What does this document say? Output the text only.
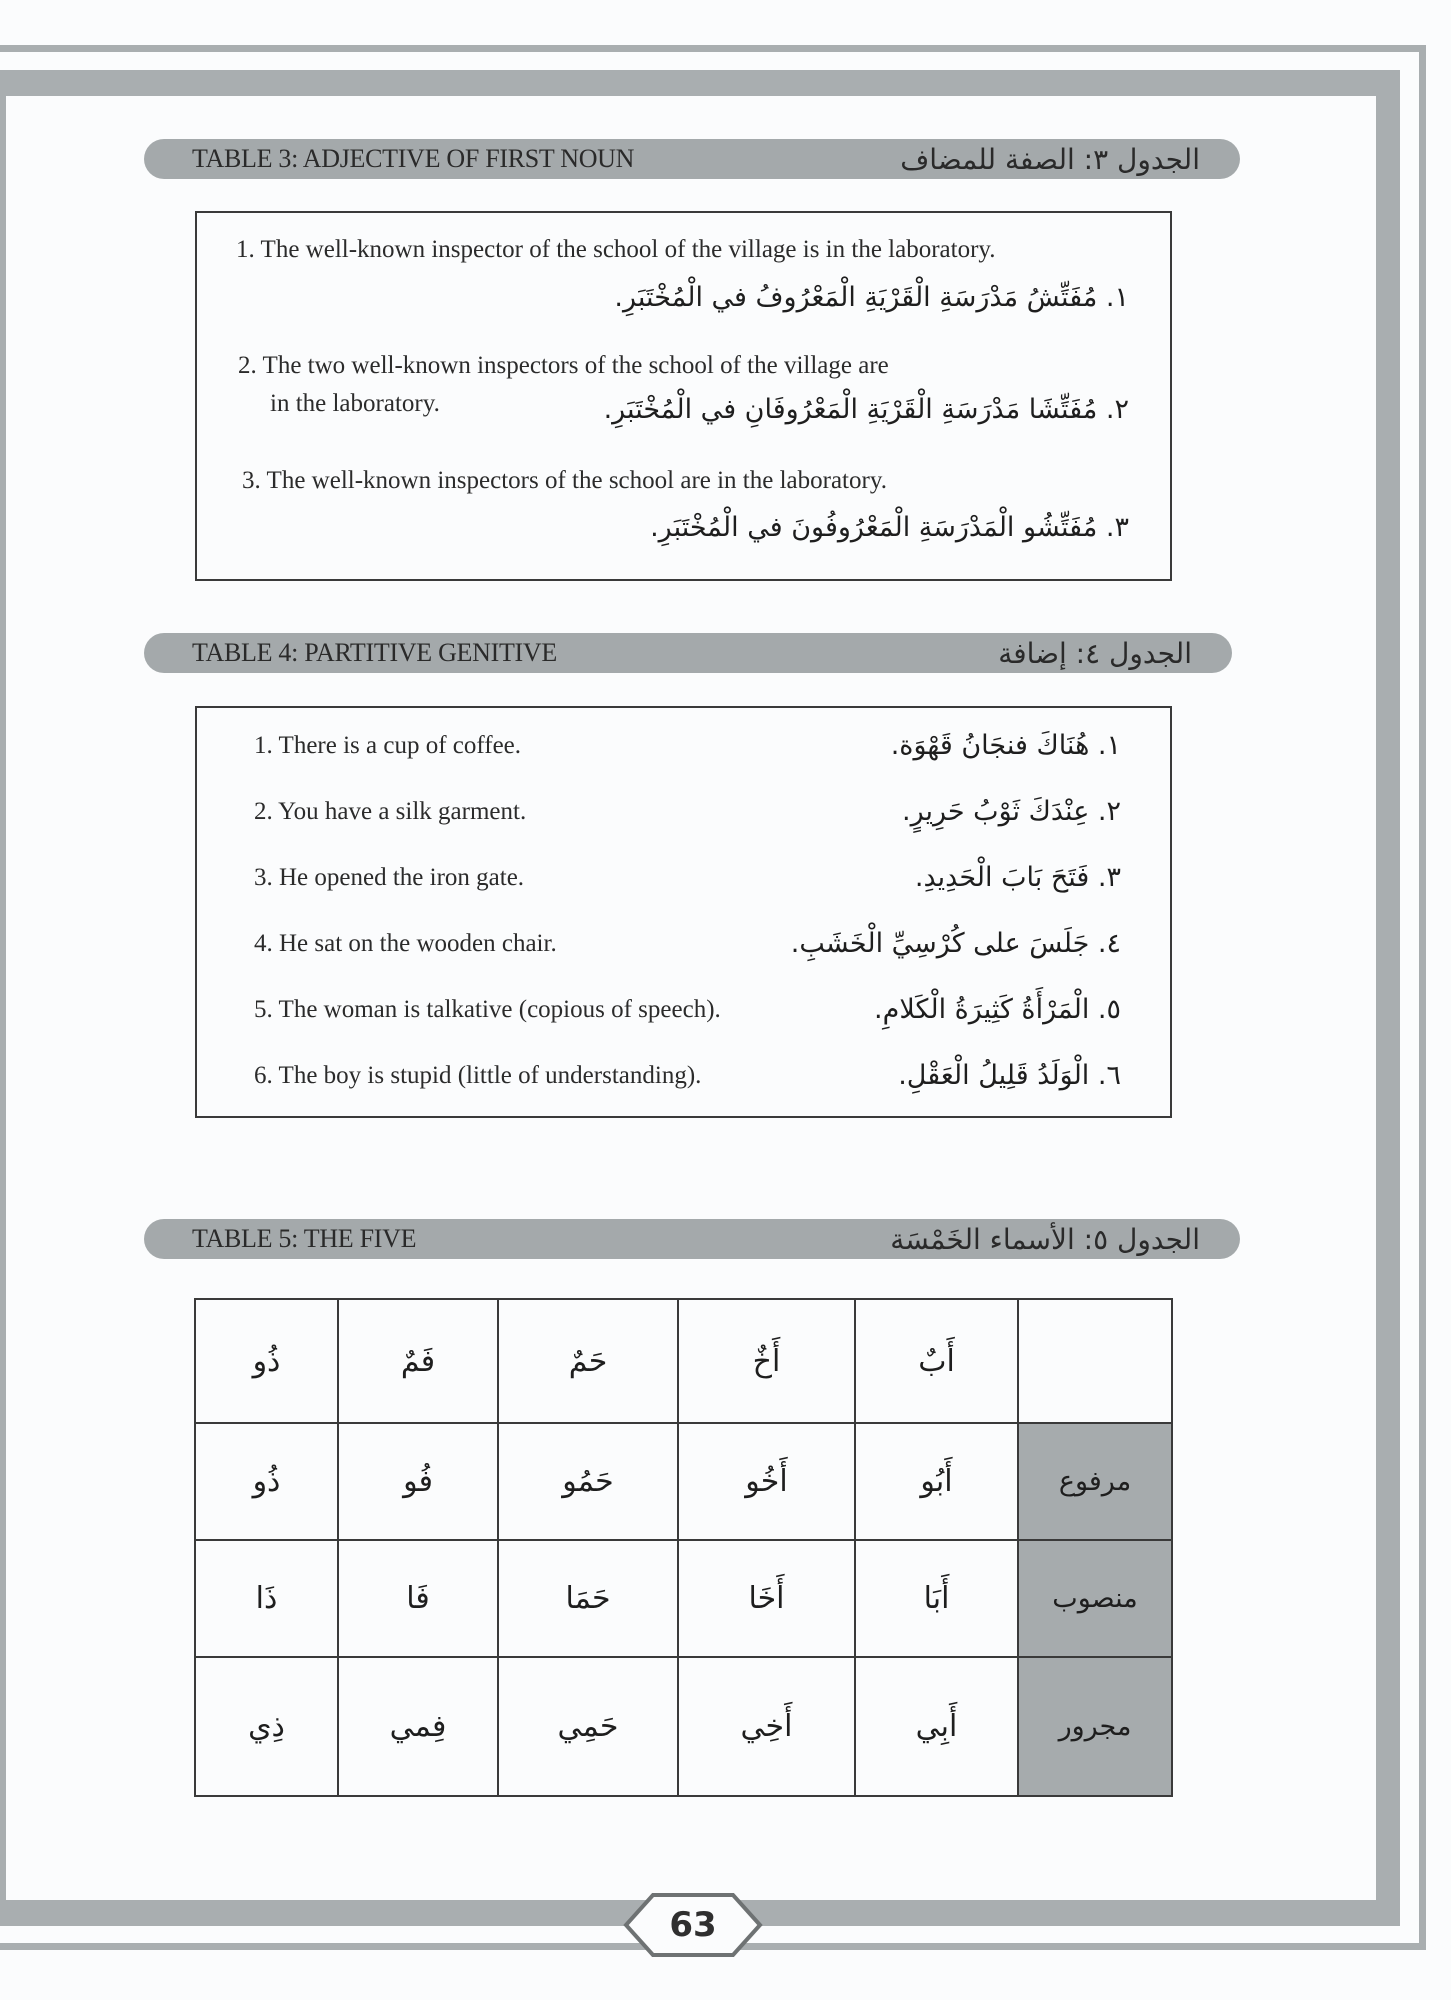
TABLE 3: ADJECTIVE OF FIRST NOUN	الجدول ٣: الصفة للمضاف
1. The well-known inspector of the school of the village is in the laboratory.
١. مُفَتِّشُ مَدْرَسَةِ الْقَرْيَةِ الْمَعْرُوفُ في الْمُخْتَبَرِ.
2. The two well-known inspectors of the school of the village are
in the laboratory.	٢. مُفَتِّشَا مَدْرَسَةِ الْقَرْيَةِ الْمَعْرُوفَانِ في الْمُخْتَبَرِ.
3. The well-known inspectors of the school are in the laboratory.
٣. مُفَتِّشُو الْمَدْرَسَةِ الْمَعْرُوفُونَ في الْمُخْتَبَرِ.
TABLE 4: PARTITIVE GENITIVE	الجدول ٤: إضافة
1. There is a cup of coffee.	١. هُنَاكَ فنجَانُ قَهْوَة.
2. You have a silk garment.	٢. عِنْدَكَ ثَوْبُ حَرِيرٍ.
3. He opened the iron gate.	٣. فَتَحَ بَابَ الْحَدِيدِ.
4. He sat on the wooden chair.	٤. جَلَسَ على كُرْسِيِّ الْخَشَبِ.
5. The woman is talkative (copious of speech).	٥. الْمَرْأَةُ كَثِيرَةُ الْكَلامِ.
6. The boy is stupid (little of understanding).	٦. الْوَلَدُ قَلِيلُ الْعَقْلِ.
TABLE 5: THE FIVE	الجدول ٥: الأسماء الخَمْسَة
ذُو	فَمٌ	حَمٌ	أَخٌ	أَبٌ	
ذُو	فُو	حَمُو	أَخُو	أَبُو	مرفوع
ذَا	فَا	حَمَا	أَخَا	أَبَا	منصوب
ذِي	فِمي	حَمِي	أَخِي	أَبِي	مجرور
63
